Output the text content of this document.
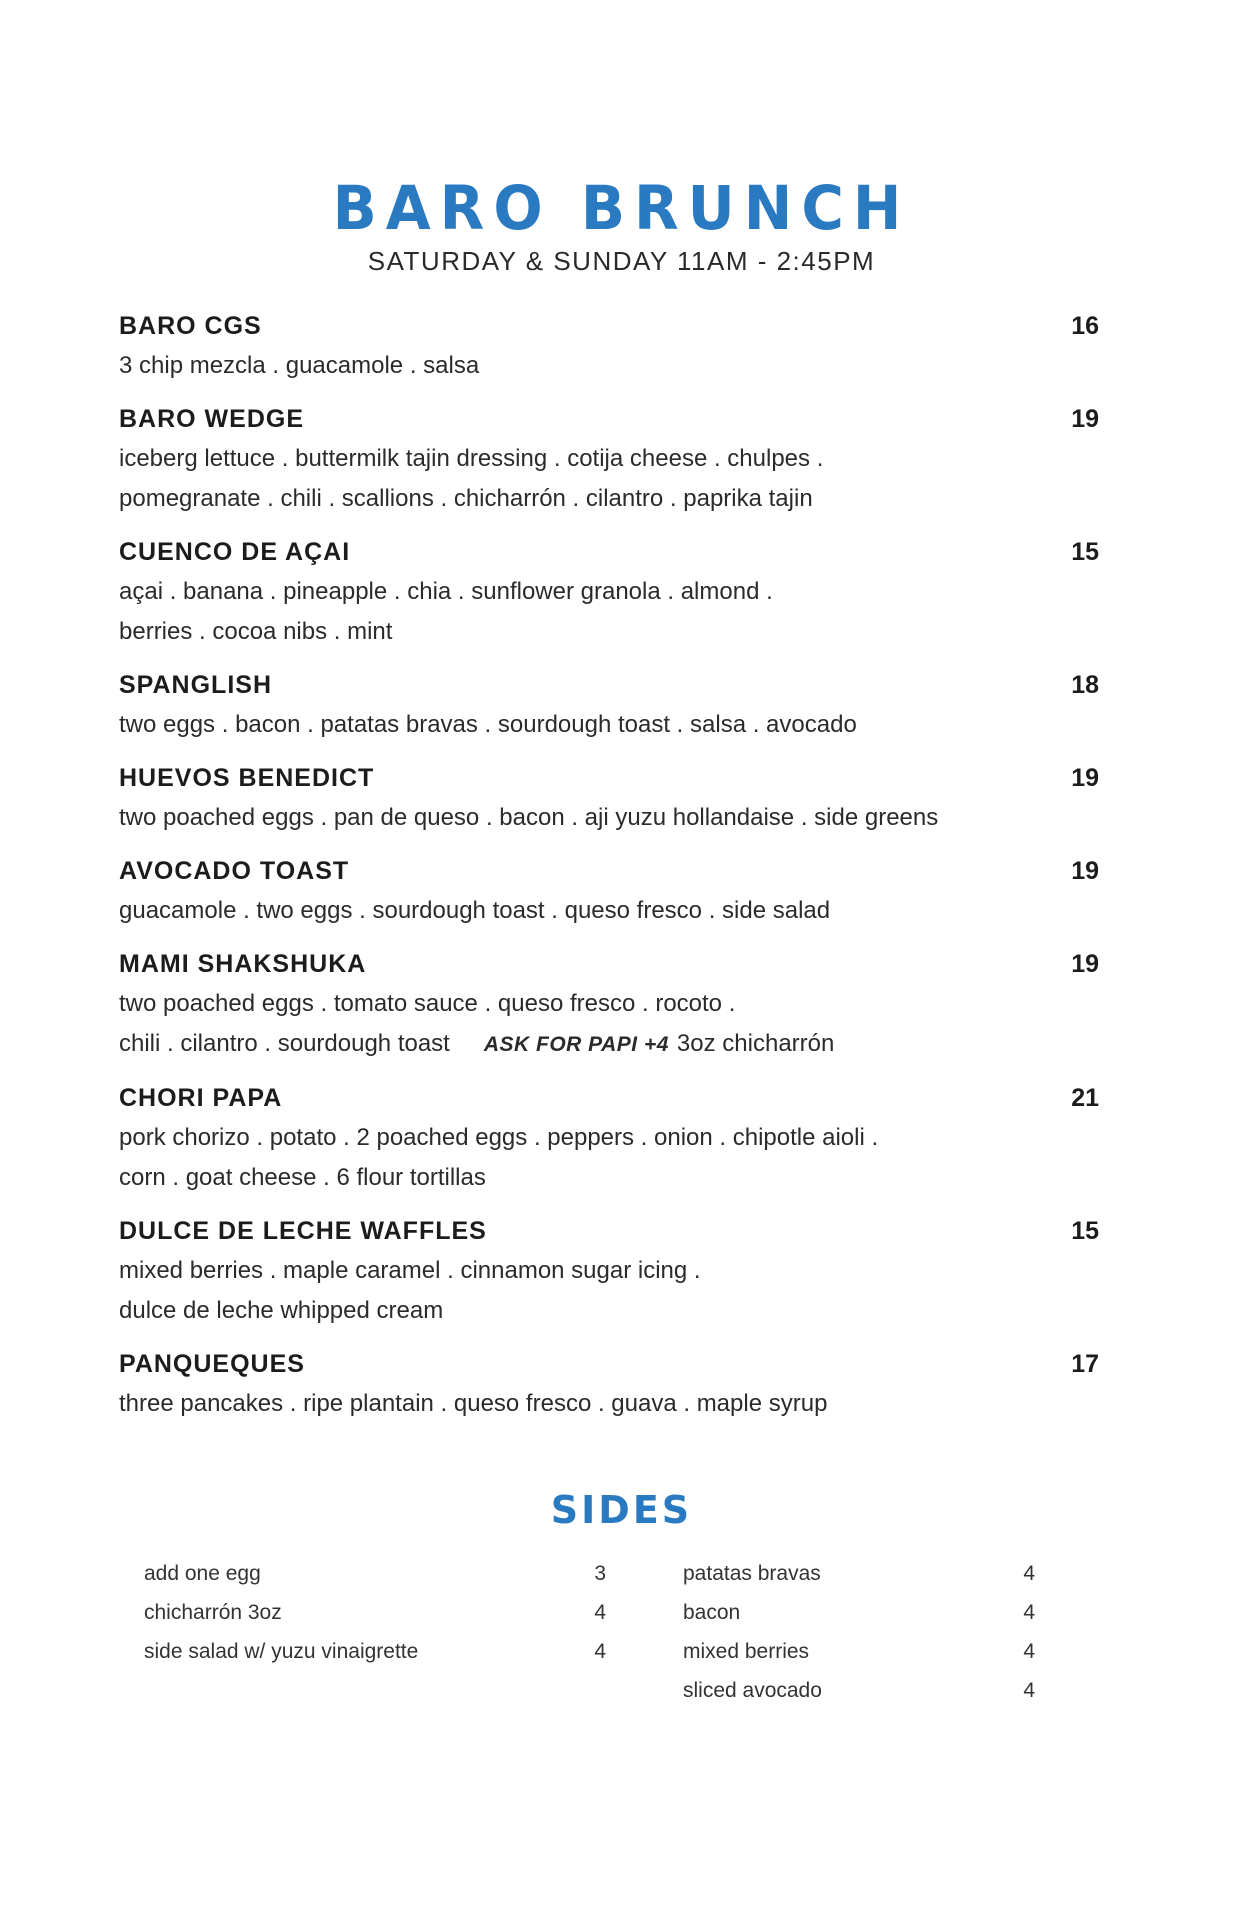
BARO BRUNCH
SATURDAY & SUNDAY 11AM - 2:45PM
BARO CGS	16
3 chip mezcla . guacamole . salsa
BARO WEDGE	19
iceberg lettuce . buttermilk tajin dressing . cotija cheese . chulpes .
pomegranate . chili . scallions . chicharrón . cilantro . paprika tajin
CUENCO DE AÇAI	15
açai . banana . pineapple . chia . sunflower granola . almond .
berries . cocoa nibs . mint
SPANGLISH	18
two eggs . bacon . patatas bravas . sourdough toast . salsa . avocado
HUEVOS BENEDICT	19
two poached eggs . pan de queso . bacon . aji yuzu hollandaise . side greens
AVOCADO TOAST	19
guacamole . two eggs . sourdough toast . queso fresco . side salad
MAMI SHAKSHUKA	19
two poached eggs . tomato sauce . queso fresco . rocoto .
chili . cilantro . sourdough toast ASK FOR PAPI +4 3oz chicharrón
CHORI PAPA	21
pork chorizo . potato . 2 poached eggs . peppers . onion . chipotle aioli .
corn . goat cheese . 6 flour tortillas
DULCE DE LECHE WAFFLES	15
mixed berries . maple caramel . cinnamon sugar icing .
dulce de leche whipped cream
PANQUEQUES	17
three pancakes . ripe plantain . queso fresco . guava . maple syrup
SIDES
add one egg	3
chicharrón 3oz	4
side salad w/ yuzu vinaigrette	4
patatas bravas	4
bacon	4
mixed berries	4
sliced avocado	4
